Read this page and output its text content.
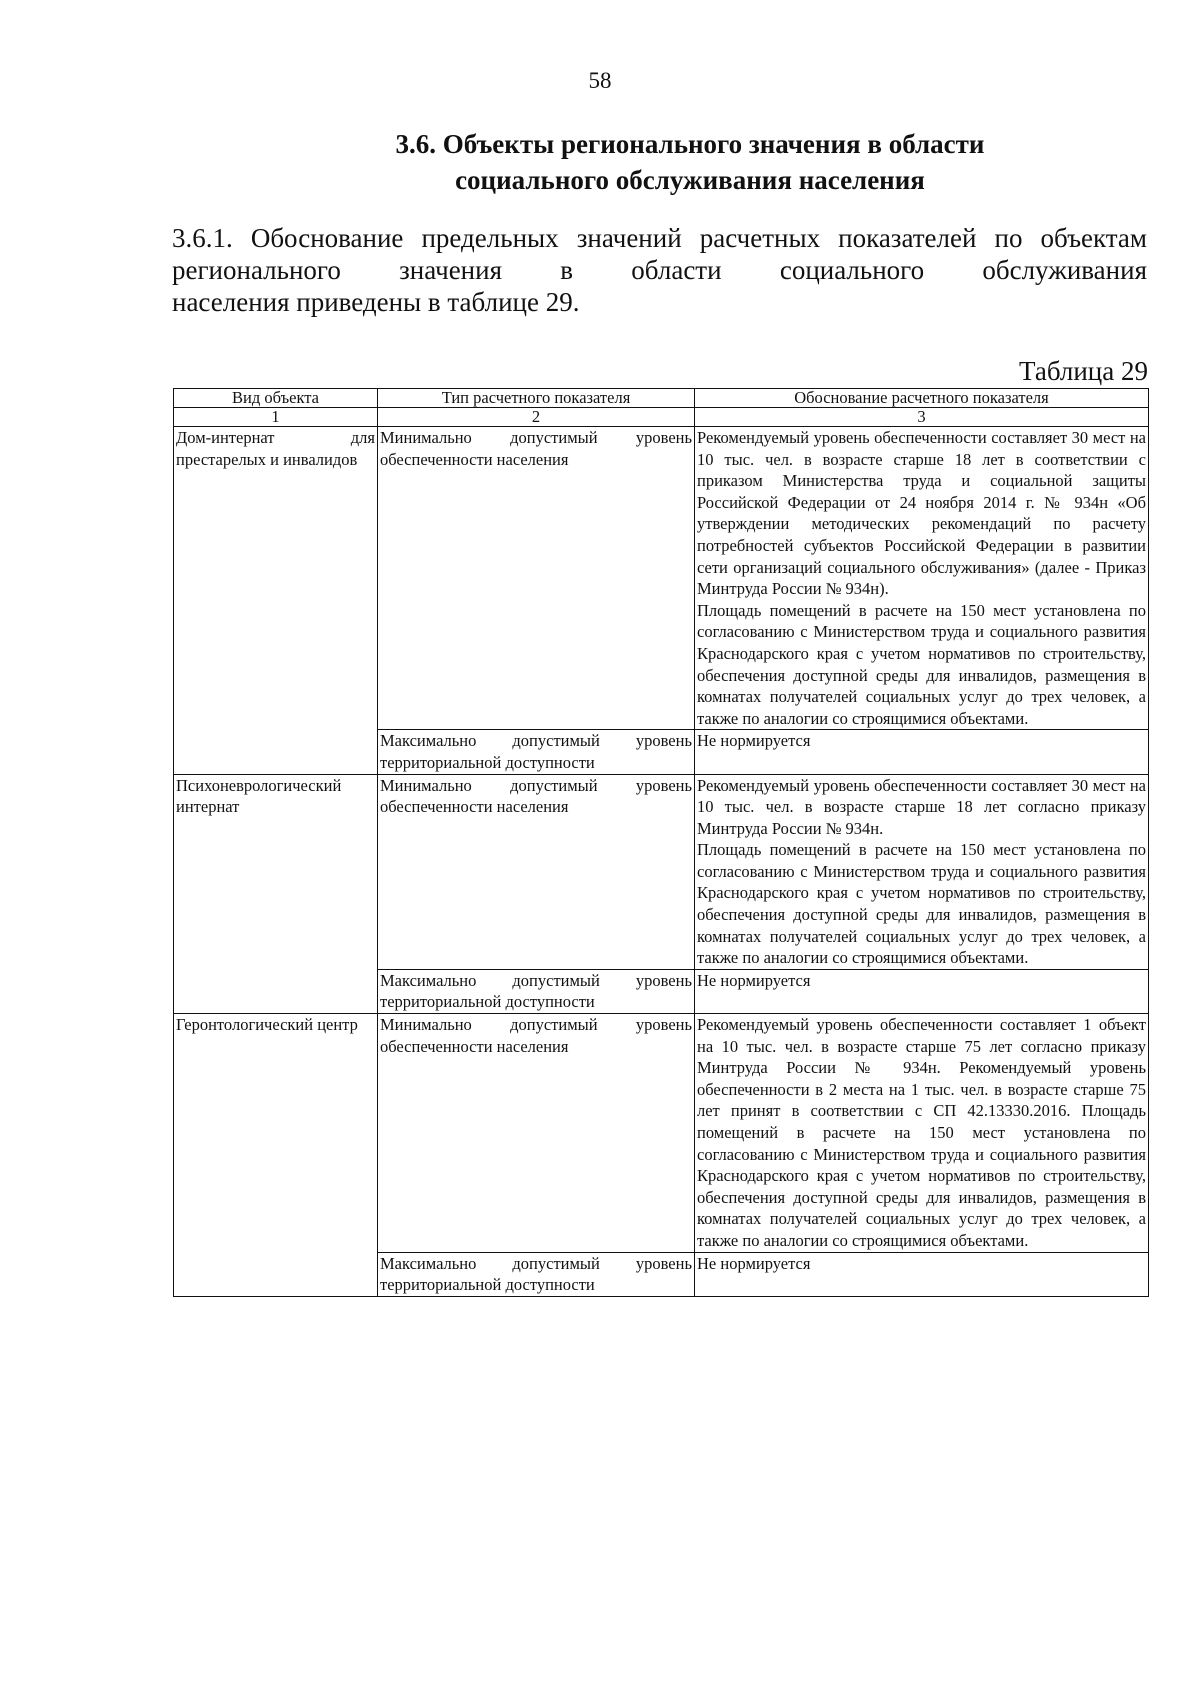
58
3.6. Объекты регионального значения в области
социального обслуживания населения
3.6.1. Обоснование предельных значений расчетных показателей по объектам регионального значения в области социального обслуживания
населения приведены в таблице 29.
Таблица 29
Вид объекта	Тип расчетного показателя	Обоснование расчетного показателя
1	2	3
Дом-интернат для престарелых и инвалидов	Минимально допустимый уровень обеспеченности населения	Рекомендуемый уровень обеспеченности составляет 30 мест на 10 тыс. чел. в возрасте старше 18 лет в соответствии с приказом Министерства труда и социальной защиты Российской Федерации от 24 ноября 2014 г. № 934н «Об утверждении методических рекомендаций по расчету потребностей субъектов Российской Федерации в развитии сети организаций социального обслуживания» (далее - Приказ Минтруда России № 934н).
Площадь помещений в расчете на 150 мест установлена по согласованию с Министерством труда и социального развития Краснодарского края с учетом нормативов по строительству, обеспечения доступной среды для инвалидов, размещения в комнатах получателей социальных услуг до трех человек, а также по аналогии со строящимися объектами.

	Максимально допустимый уровень территориальной доступности	Не нормируется

Психоневрологический интернат	Минимально допустимый уровень обеспеченности населения	Рекомендуемый уровень обеспеченности составляет 30 мест на 10 тыс. чел. в возрасте старше 18 лет согласно приказу Минтруда России № 934н.
Площадь помещений в расчете на 150 мест установлена по согласованию с Министерством труда и социального развития Краснодарского края с учетом нормативов по строительству, обеспечения доступной среды для инвалидов, размещения в комнатах получателей социальных услуг до трех человек, а также по аналогии со строящимися объектами.

	Максимально допустимый уровень территориальной доступности	Не нормируется

Геронтологический центр	Минимально допустимый уровень обеспеченности населения	Рекомендуемый уровень обеспеченности составляет 1 объект на 10 тыс. чел. в возрасте старше 75 лет согласно приказу Минтруда России № 934н. Рекомендуемый уровень обеспеченности в 2 места на 1 тыс. чел. в возрасте старше 75 лет принят в соответствии с СП 42.13330.2016. Площадь помещений в расчете на 150 мест установлена по согласованию с Министерством труда и социального развития Краснодарского края с учетом нормативов по строительству, обеспечения доступной среды для инвалидов, размещения в комнатах получателей социальных услуг до трех человек, а также по аналогии со строящимися объектами.

	Максимально допустимый уровень территориальной доступности	Не нормируется
